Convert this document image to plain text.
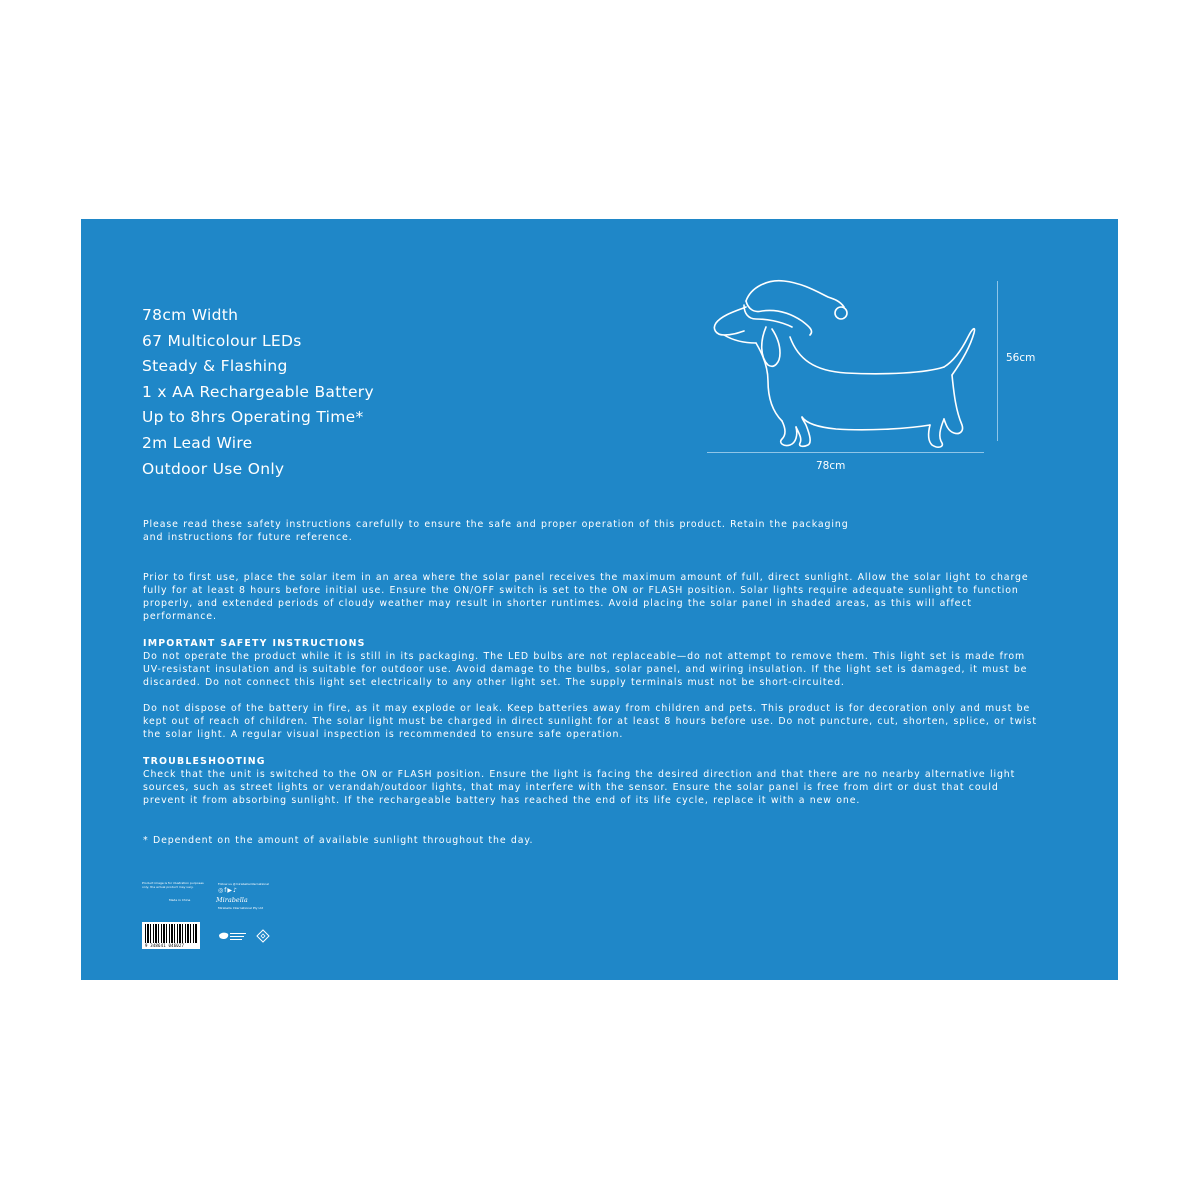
78cm Width
67 Multicolour LEDs
Steady & Flashing
1 x AA Rechargeable Battery
Up to 8hrs Operating Time*
2m Lead Wire
Outdoor Use Only	78cm
56cm

Please read these safety instructions carefully to ensure the safe and proper operation of this product. Retain the packaging and instructions for future reference.

Prior to first use, place the solar item in an area where the solar panel receives the maximum amount of full, direct sunlight. Allow the solar light to charge fully for at least 8 hours before initial use. Ensure the ON/OFF switch is set to the ON or FLASH position. Solar lights require adequate sunlight to function properly, and extended periods of cloudy weather may result in shorter runtimes. Avoid placing the solar panel in shaded areas, as this will affect performance.

IMPORTANT SAFETY INSTRUCTIONS

Do not operate the product while it is still in its packaging. The LED bulbs are not replaceable—do not attempt to remove them. This light set is made from UV-resistant insulation and is suitable for outdoor use. Avoid damage to the bulbs, solar panel, and wiring insulation. If the light set is damaged, it must be discarded. Do not connect this light set electrically to any other light set. The supply terminals must not be short-circuited.

Do not dispose of the battery in fire, as it may explode or leak. Keep batteries away from children and pets. This product is for decoration only and must be kept out of reach of children. The solar light must be charged in direct sunlight for at least 8 hours before use. Do not puncture, cut, shorten, splice, or twist the solar light. A regular visual inspection is recommended to ensure safe operation.

TROUBLESHOOTING

Check that the unit is switched to the ON or FLASH position. Ensure the light is facing the desired direction and that there are no nearby alternative light sources, such as street lights or verandah/outdoor lights, that may interfere with the sensor. Ensure the solar panel is free from dirt or dust that could prevent it from absorbing sunlight. If the rechargeable battery has reached the end of its life cycle, replace it with a new one.

* Dependent on the amount of available sunlight throughout the day.

Product image is for illustration purposes only, the actual product may vary.
Made in China
9 348641 046027
Follow us @mirabellainternational
◎f▶♪
Mirabella
Mirabella International Pty Ltd
